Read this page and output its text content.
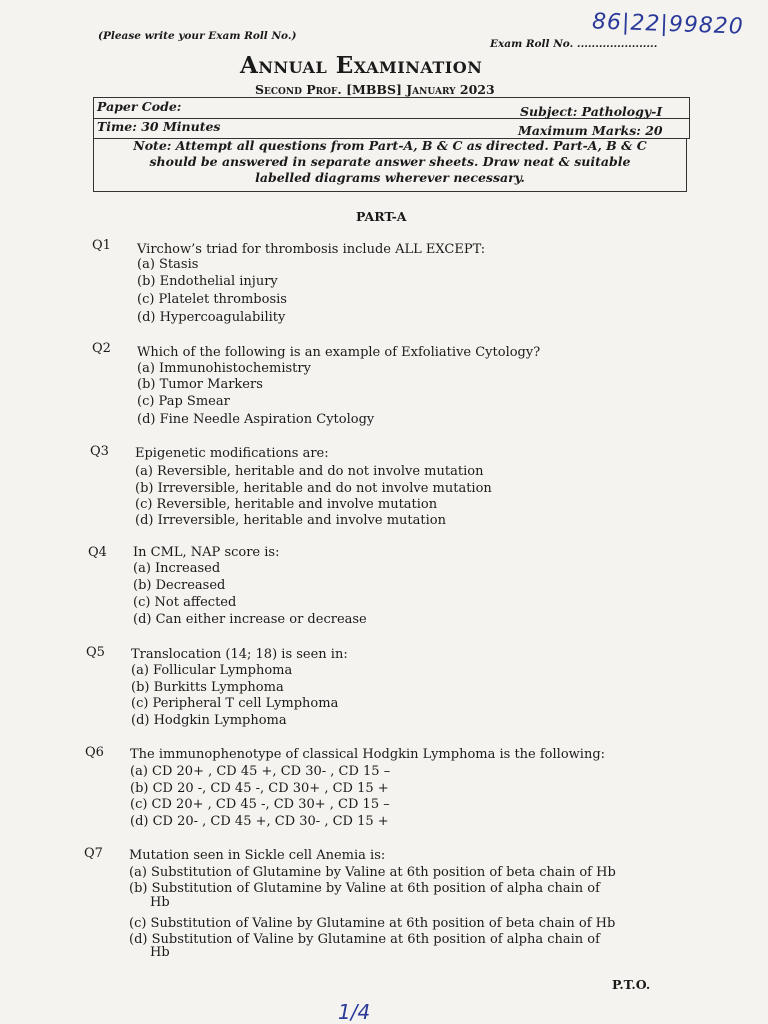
(Please write your Exam Roll No.)
Exam Roll No. ......................
86|22|99820
Annual Examination
Second Prof. [MBBS] January 2023
Paper Code:	Subject: Pathology-I
Time: 30 Minutes	Maximum Marks: 20
Note: Attempt all questions from Part-A, B & C as directed. Part-A, B & C
should be answered in separate answer sheets. Draw neat & suitable
labelled diagrams wherever necessary.
PART-A
Q1 Virchow’s triad for thrombosis include ALL EXCEPT:
(a) Stasis
(b) Endothelial injury
(c) Platelet thrombosis
(d) Hypercoagulability
Q2 Which of the following is an example of Exfoliative Cytology?
(a) Immunohistochemistry
(b) Tumor Markers
(c) Pap Smear
(d) Fine Needle Aspiration Cytology
Q3 Epigenetic modifications are:
(a) Reversible, heritable and do not involve mutation
(b) Irreversible, heritable and do not involve mutation
(c) Reversible, heritable and involve mutation
(d) Irreversible, heritable and involve mutation
Q4 In CML, NAP score is:
(a) Increased
(b) Decreased
(c) Not affected
(d) Can either increase or decrease
Q5 Translocation (14; 18) is seen in:
(a) Follicular Lymphoma
(b) Burkitts Lymphoma
(c) Peripheral T cell Lymphoma
(d) Hodgkin Lymphoma
Q6 The immunophenotype of classical Hodgkin Lymphoma is the following:
(a) CD 20+ , CD 45 +, CD 30- , CD 15 –
(b) CD 20 -, CD 45 -, CD 30+ , CD 15 +
(c) CD 20+ , CD 45 -, CD 30+ , CD 15 –
(d) CD 20- , CD 45 +, CD 30- , CD 15 +
Q7 Mutation seen in Sickle cell Anemia is:
(a) Substitution of Glutamine by Valine at 6th position of beta chain of Hb
(b) Substitution of Glutamine by Valine at 6th position of alpha chain of
Hb
(c) Substitution of Valine by Glutamine at 6th position of beta chain of Hb
(d) Substitution of Valine by Glutamine at 6th position of alpha chain of
Hb
P.T.O.
1/4
